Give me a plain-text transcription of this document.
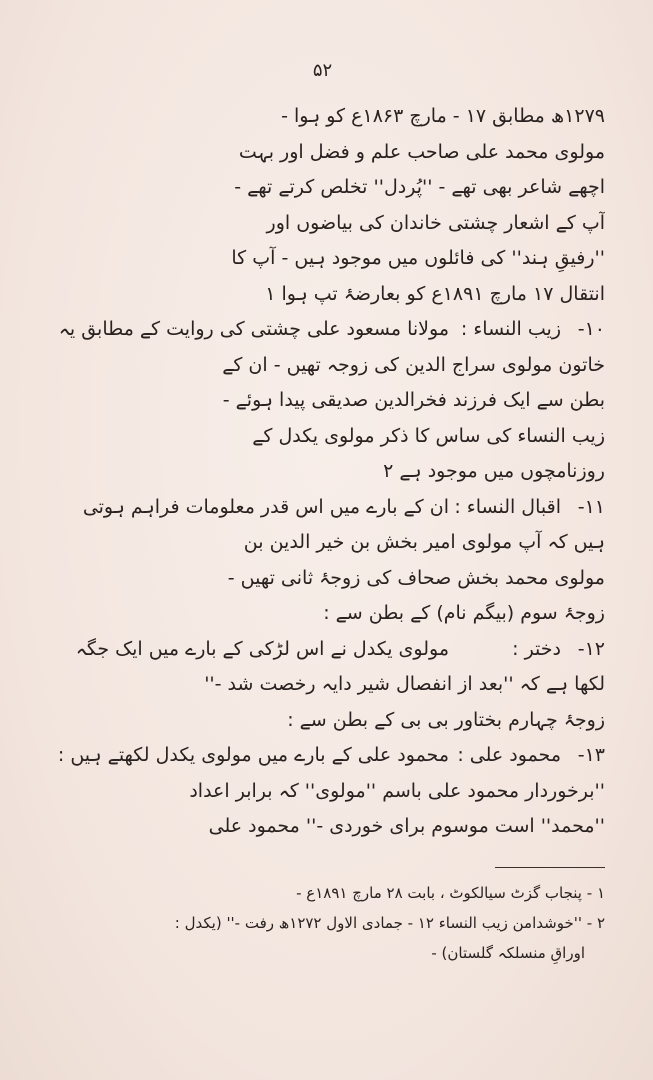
۵۲
۱۲۷۹ھ مطابق ۱۷ - مارچ ۱۸۶۳ع کو ہوا -
مولوی محمد علی صاحب علم و فضل اور بہت
اچھے شاعر بھی تھے - ''پُردل'' تخلص کرتے تھے -
آپ کے اشعار چشتی خاندان کی بیاضوں اور
''رفیقِ ہند'' کی فائلوں میں موجود ہیں - آپ کا
انتقال ۱۷ مارچ ۱۸۹۱ع کو بعارضۂ تپ ہوا ۱
۱۰-
زیب النساء :
مولانا مسعود علی چشتی کی روایت کے مطابق یہ
خاتون مولوی سراج الدین کی زوجہ تھیں - ان کے
بطن سے ایک فرزند فخرالدین صدیقی پیدا ہوئے -
زیب النساء کی ساس کا ذکر مولوی یکدل کے
روزنامچوں میں موجود ہے ۲
۱۱-
اقبال النساء :
ان کے بارے میں اس قدر معلومات فراہم ہوتی
ہیں کہ آپ مولوی امیر بخش بن خیر الدین بن
مولوی محمد بخش صحاف کی زوجۂ ثانی تھیں -
زوجۂ سوم (بیگم نام) کے بطن سے :
۱۲-
دختر :
مولوی یکدل نے اس لڑکی کے بارے میں ایک جگہ
لکھا ہے کہ ''بعد از انفصال شیر دایہ رخصت شد -''
زوجۂ چہارم بختاور بی بی کے بطن سے :
۱۳-
محمود علی :
محمود علی کے بارے میں مولوی یکدل لکھتے ہیں :
''برخوردار محمود علی باسم ''مولوی'' کہ برابر اعداد
''محمد'' است موسوم برای خوردی -'' محمود علی
۱ - پنجاب گزٹ سیالکوٹ ، بابت ۲۸ مارچ ۱۸۹۱ع -
۲ - ''خوشدامن زیب النساء ۱۲ - جمادی الاول ۱۲۷۲ھ رفت -'' (یکدل :
اوراقِ منسلکہ گلستان) -
